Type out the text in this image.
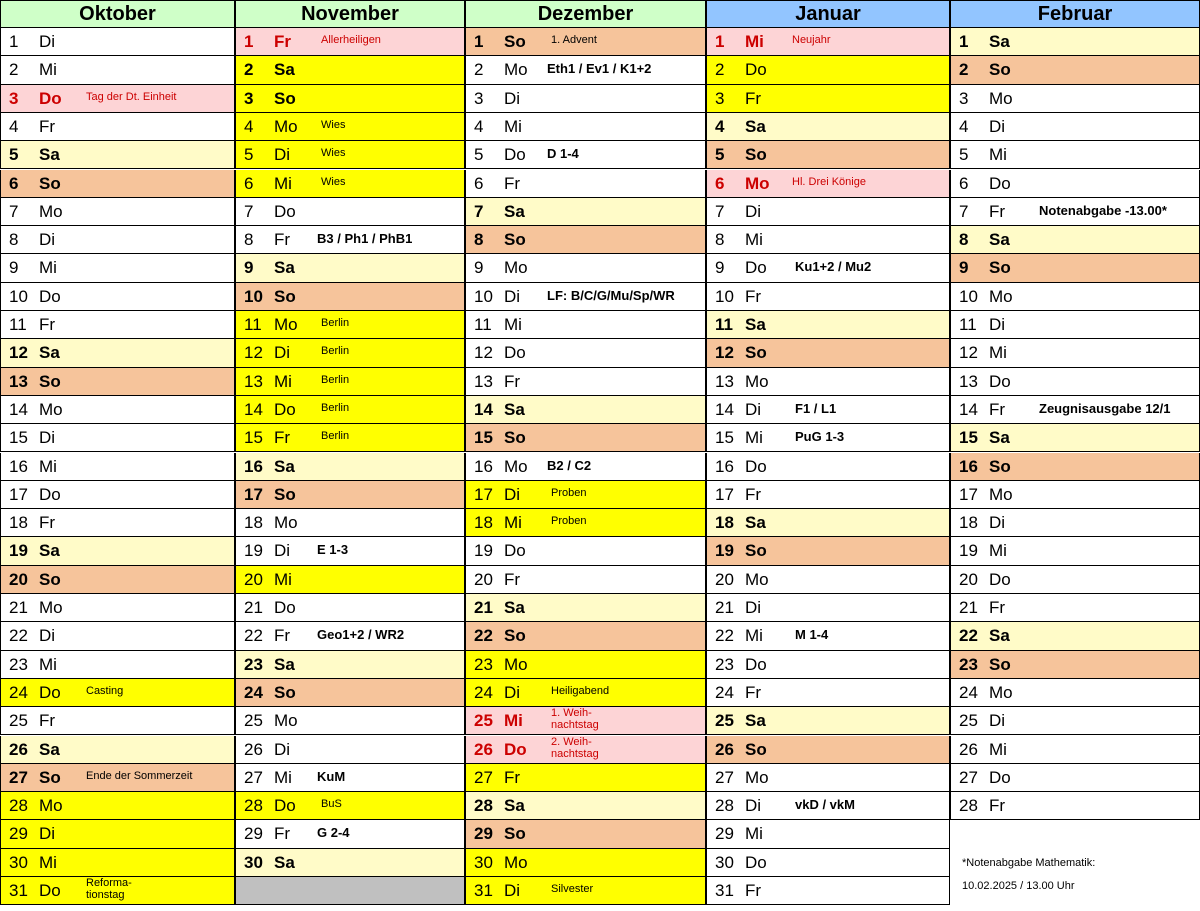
*Notenabgabe Mathematik:
10.02.2025 / 13.00 Uhr
Oktober
1 Di
2 Mi
3 Do Tag der Dt. Einheit
4 Fr
5 Sa
6 So
7 Mo
8 Di
9 Mi
10 Do
11 Fr
12 Sa
13 So
14 Mo
15 Di
16 Mi
17 Do
18 Fr
19 Sa
20 So
21 Mo
22 Di
23 Mi
24 Do Casting
25 Fr
26 Sa
27 So Ende der Sommerzeit
28 Mo
29 Di
30 Mi
31 Do Reforma-
tionstag
November
1 Fr	Allerheiligen
2 Sa
3 So
4 Mo Wies
5 Di	Wies
6 Mi	Wies
7 Do
8 Fr B3 / Ph1 / PhB1
9 Sa
10 So
11 Mo Berlin
12 Di	Berlin
13 Mi	Berlin
14 Do Berlin
15 Fr	Berlin
16 Sa
17 So
18 Mo
19 Di E 1-3
20 Mi
21 Do
22 Fr Geo1+2 / WR2
23 Sa
24 So
25 Mo
26 Di
27 Mi KuM
28 Do BuS
29 Fr G 2-4
30 Sa
Dezember
1 So 1. Advent
2 Mo Eth1 / Ev1 / K1+2
3 Di
4 Mi
5 Do D 1-4
6 Fr
7 Sa
8 So
9 Mo
10 Di LF: B/C/G/Mu/Sp/WR
11 Mi
12 Do
13 Fr
14 Sa
15 So
16 Mo B2 / C2
17 Di	Proben
18 Mi	Proben
19 Do
20 Fr
21 Sa
22 So
23 Mo
24 Di	Heiligabend
25 Mi	1. Weih-
nachtstag
26 Do 2. Weih-
nachtstag
27 Fr
28 Sa
29 So
30 Mo
31 Di	Silvester
Januar
1 Mi	Neujahr
2 Do
3 Fr
4 Sa
5 So
6 Mo Hl. Drei Könige
7 Di
8 Mi
9 Do Ku1+2 / Mu2
10 Fr
11 Sa
12 So
13 Mo
14 Di	F1 / L1
15 Mi PuG 1-3
16 Do
17 Fr
18 Sa
19 So
20 Mo
21 Di
22 Mi M 1-4
23 Do
24 Fr
25 Sa
26 So
27 Mo
28 Di	vkD / vkM
29 Mi
30 Do
31 Fr
Februar
1 Sa
2 So
3 Mo
4 Di
5 Mi
6 Do
7 Fr	Notenabgabe -13.00*
8 Sa
9 So
10 Mo
11 Di
12 Mi
13 Do
14 Fr	Zeugnisausgabe 12/1
15 Sa
16 So
17 Mo
18 Di
19 Mi
20 Do
21 Fr
22 Sa
23 So
24 Mo
25 Di
26 Mi
27 Do
28 Fr
